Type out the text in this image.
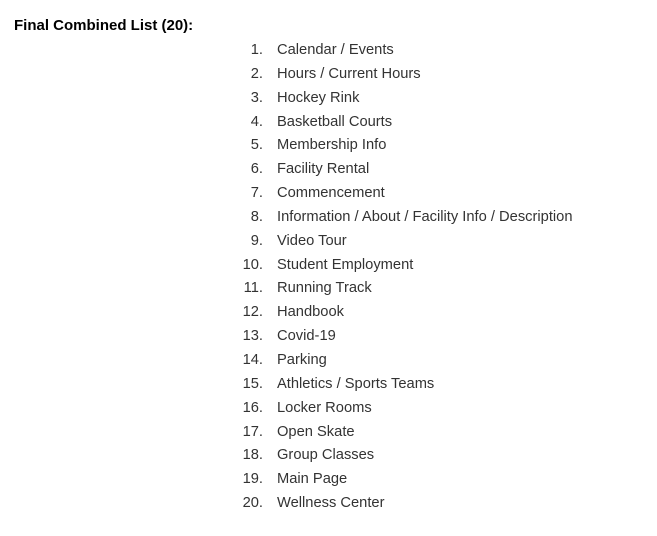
Final Combined List (20):
1. Calendar / Events
2. Hours / Current Hours
3. Hockey Rink
4. Basketball Courts
5. Membership Info
6. Facility Rental
7. Commencement
8. Information / About / Facility Info / Description
9. Video Tour
10. Student Employment
11. Running Track
12. Handbook
13. Covid-19
14. Parking
15. Athletics / Sports Teams
16. Locker Rooms
17. Open Skate
18. Group Classes
19. Main Page
20. Wellness Center
